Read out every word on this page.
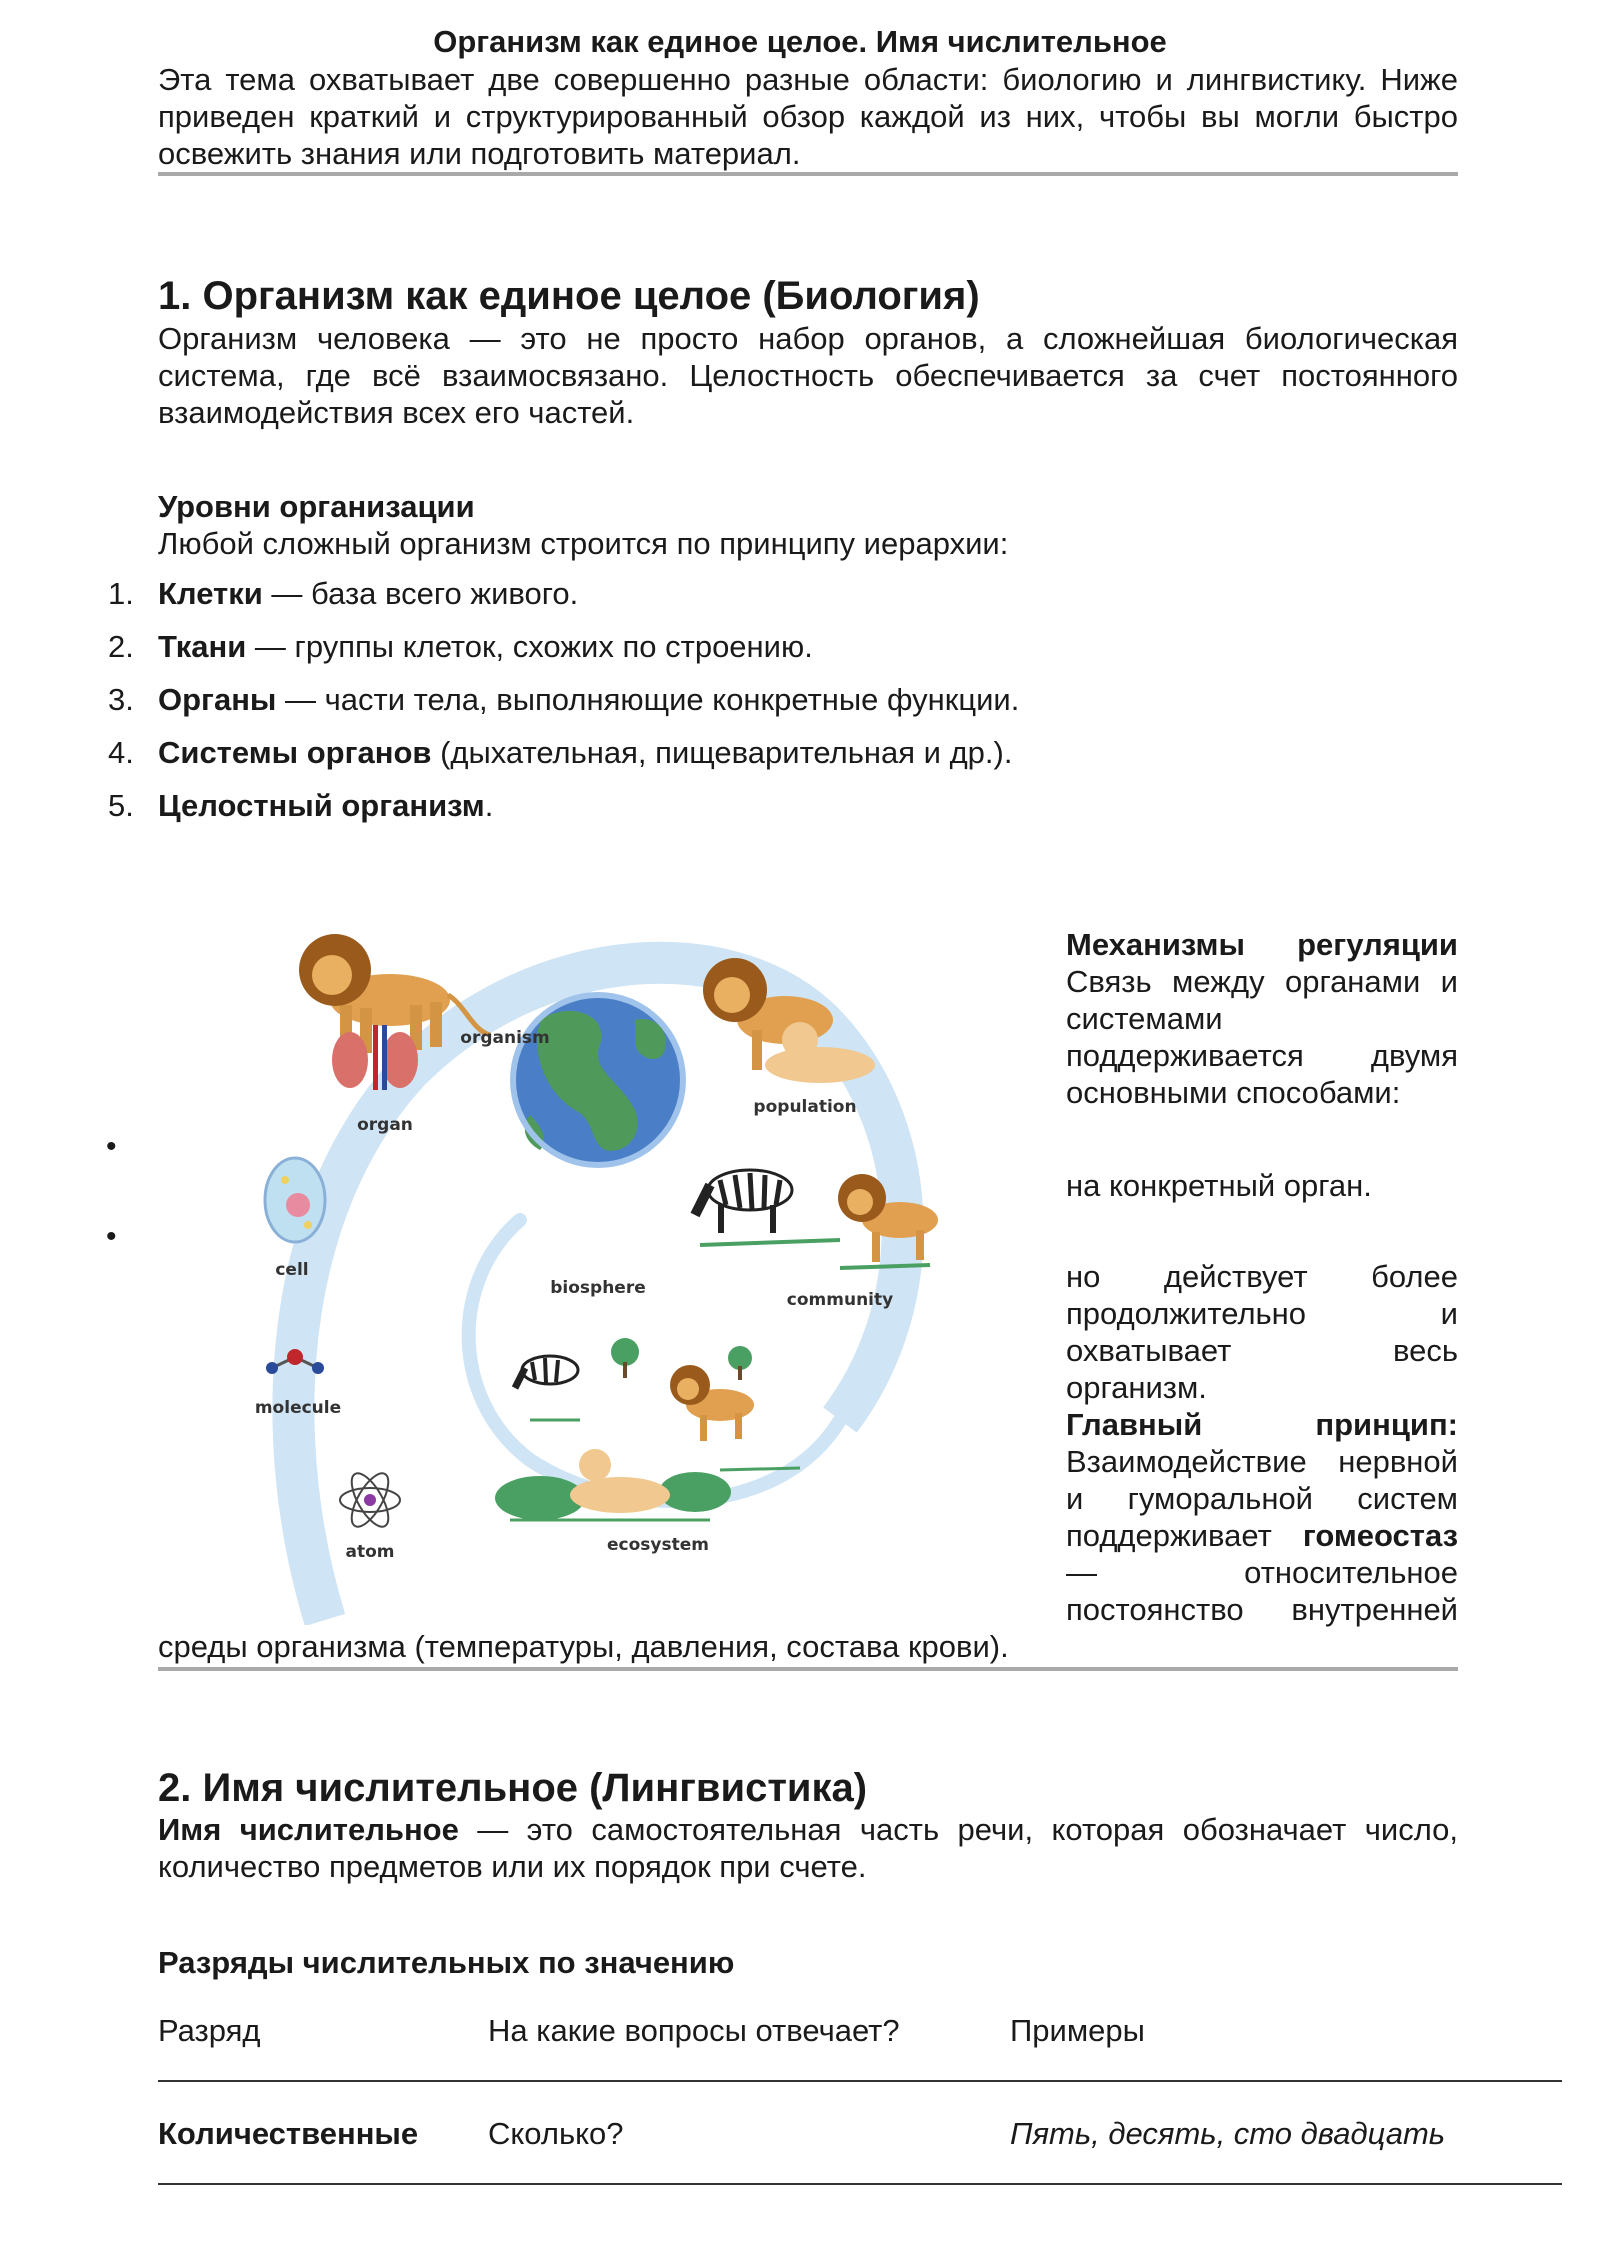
Организм как единое целое. Имя числительное
Эта тема охватывает две совершенно разные области: биологию и лингвистику. Ниже приведен краткий и структурированный обзор каждой из них, чтобы вы могли быстро освежить знания или подготовить материал.
1. Организм как единое целое (Биология)
Организм человека — это не просто набор органов, а сложнейшая биологическая система, где всё взаимосвязано. Целостность обеспечивается за счет постоянного взаимодействия всех его частей.
Уровни организации
Любой сложный организм строится по принципу иерархии:
1. Клетки — база всего живого.
2. Ткани — группы клеток, схожих по строению.
3. Органы — части тела, выполняющие конкретные функции.
4. Системы органов (дыхательная, пищеварительная и др.).
5. Целостный организм.
•
•
organism
organ
population
cell
biosphere
community
molecule
atom	ecosystem

Механизмы регуляции

Связь между органами и

системами

поддерживается двумя

основными способами:

на конкретный орган.

но действует более

продолжительно и

охватывает весь

организм.

Главный принцип:

Взаимодействие нервной

и гуморальной систем

поддерживает гомеостаз

— относительное

постоянство внутренней

среды организма (температуры, давления, состава крови).
2. Имя числительное (Лингвистика)
Имя числительное — это самостоятельная часть речи, которая обозначает число, количество предметов или их порядок при счете.
Разряды числительных по значению
Разряд	На какие вопросы отвечает?	Примеры
Количественные Сколько?	Пять, десять, сто двадцать
